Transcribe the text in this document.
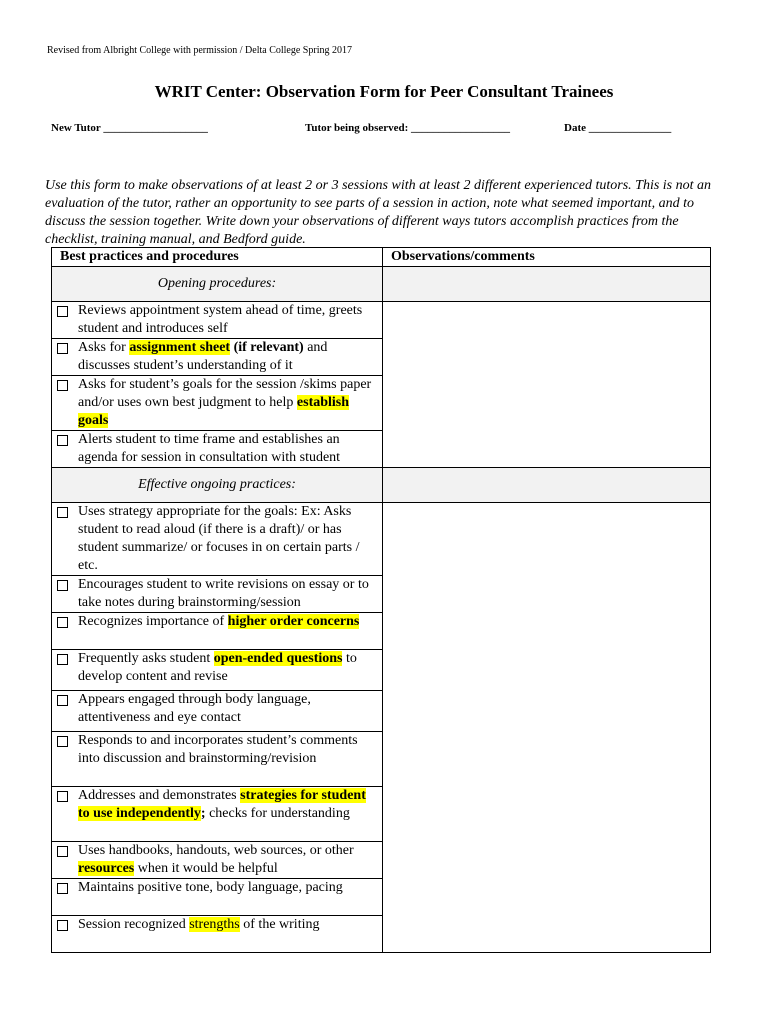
Revised from Albright College with permission / Delta College Spring 2017
WRIT Center: Observation Form for Peer Consultant Trainees
New Tutor ___________________	Tutor being observed: __________________	Date _______________
Use this form to make observations of at least 2 or 3 sessions with at least 2 different experienced tutors. This is not an evaluation of the tutor, rather an opportunity to see parts of a session in action, note what seemed important, and to discuss the session together. Write down your observations of different ways tutors accomplish practices from the checklist, training manual, and Bedford guide.
Best practices and procedures	Observations/comments

Opening procedures:	

Reviews appointment system ahead of time, greets student and introduces self	

Asks for assignment sheet (if relevant) and discusses student’s understanding of it	

Asks for student’s goals for the session /skims paper and/or uses own best judgment to help establish goals	

Alerts student to time frame and establishes an agenda for session in consultation with student	

Effective ongoing practices:	

Uses strategy appropriate for the goals: Ex: Asks student to read aloud (if there is a draft)/ or has student summarize/ or focuses in on certain parts / etc.	

Encourages student to write revisions on essay or to take notes during brainstorming/session	

Recognizes importance of higher order concerns	

Frequently asks student open-ended questions to develop content and revise	

Appears engaged through body language, attentiveness and eye contact	

Responds to and incorporates student’s comments into discussion and brainstorming/revision	

Addresses and demonstrates strategies for student to use independently; checks for understanding	

Uses handbooks, handouts, web sources, or other resources when it would be helpful	

Maintains positive tone, body language, pacing	

Session recognized strengths of the writing	
